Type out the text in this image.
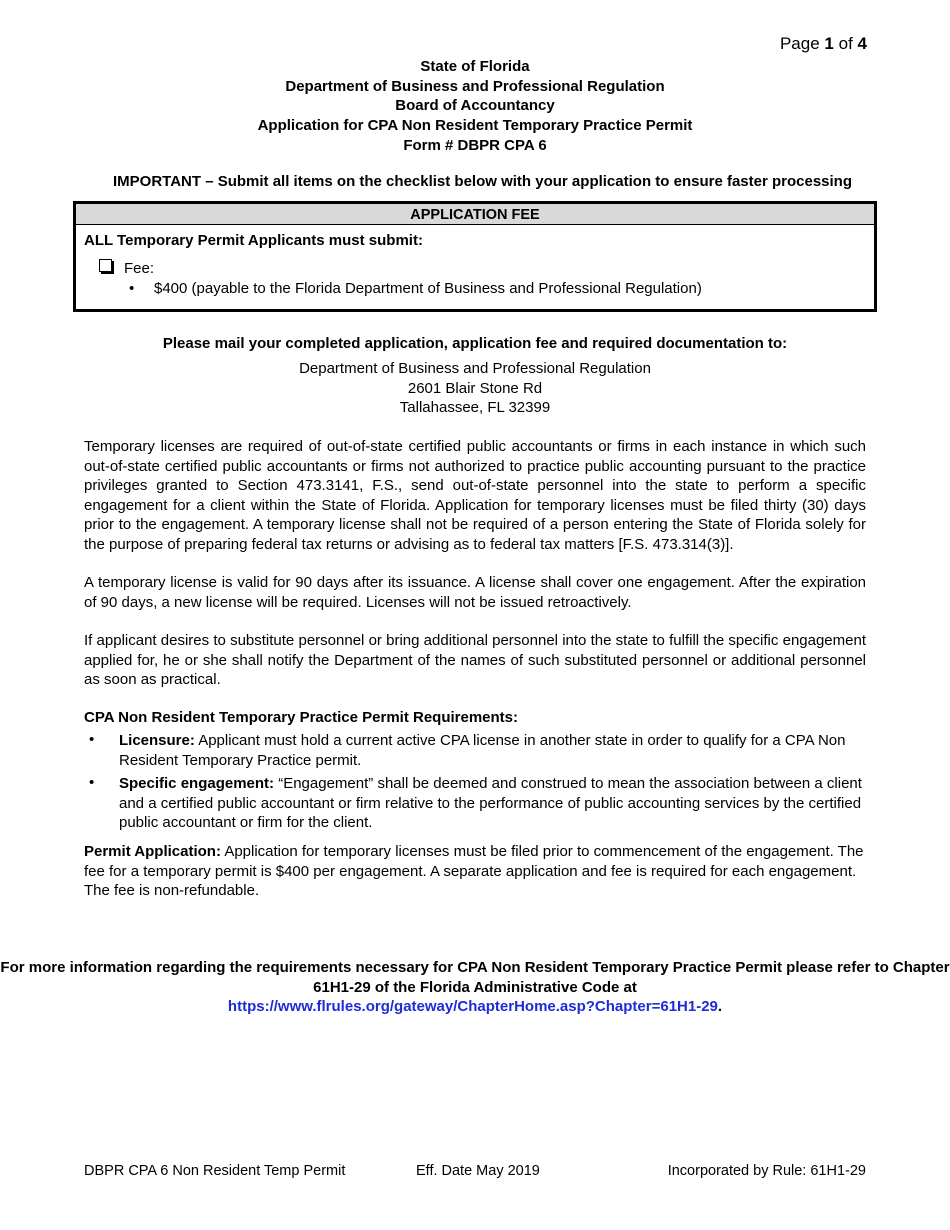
Page 1 of 4
State of Florida
Department of Business and Professional Regulation
Board of Accountancy
Application for CPA Non Resident Temporary Practice Permit
Form # DBPR CPA 6
IMPORTANT – Submit all items on the checklist below with your application to ensure faster processing
APPLICATION FEE
ALL Temporary Permit Applicants must submit:
Fee:
• $400 (payable to the Florida Department of Business and Professional Regulation)
Please mail your completed application, application fee and required documentation to:
Department of Business and Professional Regulation
2601 Blair Stone Rd
Tallahassee, FL 32399
Temporary licenses are required of out-of-state certified public accountants or firms in each instance in which such out-of-state certified public accountants or firms not authorized to practice public accounting pursuant to the practice privileges granted to Section 473.3141, F.S., send out-of-state personnel into the state to perform a specific engagement for a client within the State of Florida. Application for temporary licenses must be filed thirty (30) days prior to the engagement. A temporary license shall not be required of a person entering the State of Florida solely for the purpose of preparing federal tax returns or advising as to federal tax matters [F.S. 473.314(3)].
A temporary license is valid for 90 days after its issuance. A license shall cover one engagement. After the expiration of 90 days, a new license will be required. Licenses will not be issued retroactively.
If applicant desires to substitute personnel or bring additional personnel into the state to fulfill the specific engagement applied for, he or she shall notify the Department of the names of such substituted personnel or additional personnel as soon as practical.
CPA Non Resident Temporary Practice Permit Requirements:
• Licensure: Applicant must hold a current active CPA license in another state in order to qualify for a CPA Non Resident Temporary Practice permit.
• Specific engagement: “Engagement” shall be deemed and construed to mean the association between a client and a certified public accountant or firm relative to the performance of public accounting services by the certified public accountant or firm for the client.
Permit Application: Application for temporary licenses must be filed prior to commencement of the engagement. The fee for a temporary permit is $400 per engagement. A separate application and fee is required for each engagement. The fee is non-refundable.
For more information regarding the requirements necessary for CPA Non Resident Temporary Practice Permit please refer to Chapter 61H1-29 of the Florida Administrative Code at
https://www.flrules.org/gateway/ChapterHome.asp?Chapter=61H1-29.
DBPR CPA 6 Non Resident Temp Permit	Eff. Date May 2019	Incorporated by Rule: 61H1-29
